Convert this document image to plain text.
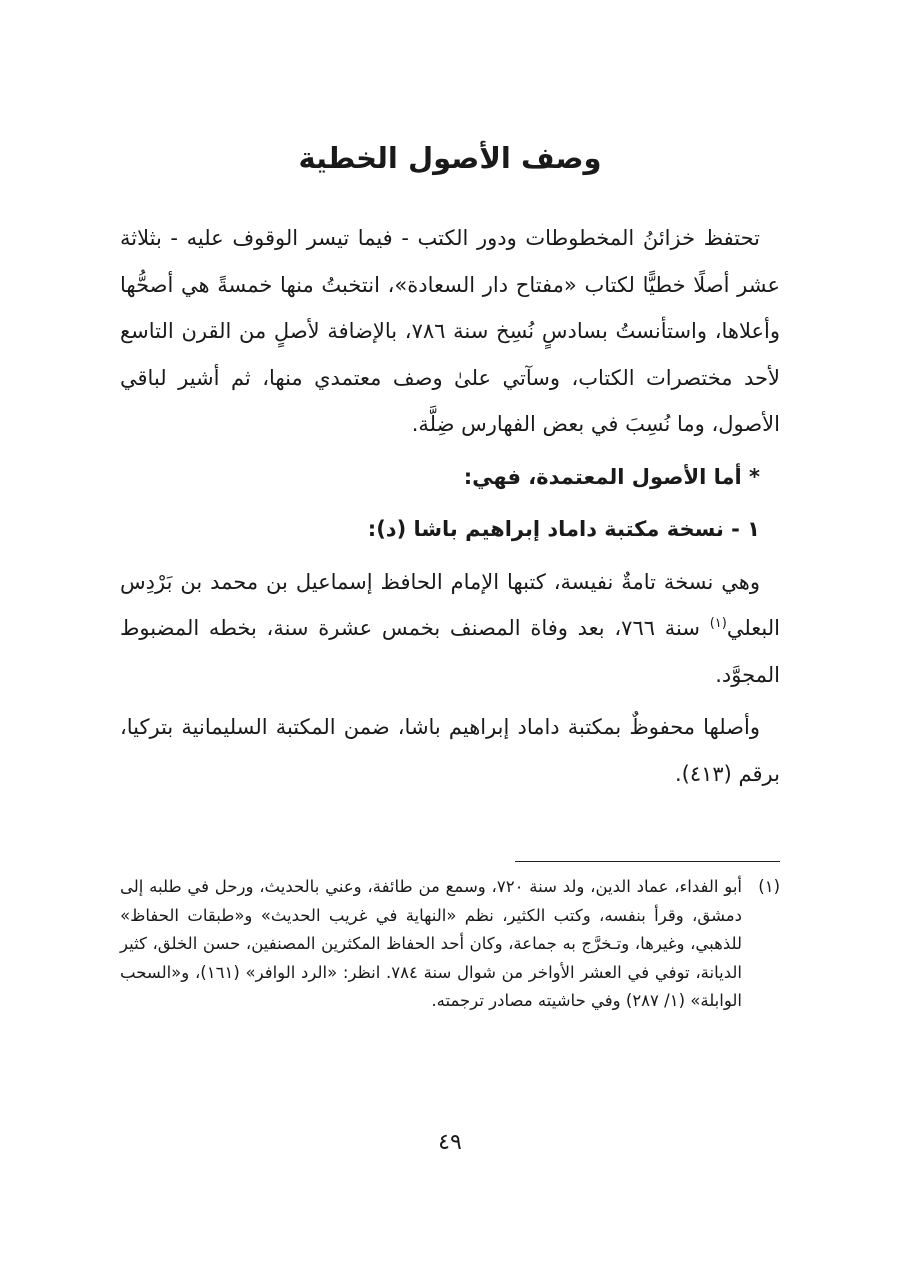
وصف الأصول الخطية

تحتفظ خزائنُ المخطوطات ودور الكتب - فيما تيسر الوقوف عليه - بثلاثة عشر أصلًا خطيًّا لكتاب «مفتاح دار السعادة»، انتخبتُ منها خمسةً هي أصحُّها وأعلاها، واستأنستُ بسادسٍ نُسِخ سنة ٧٨٦، بالإضافة لأصلٍ من القرن التاسع لأحد مختصرات الكتاب، وسآتي علىٰ وصف معتمدي منها، ثم أشير لباقي الأصول، وما نُسِبَ في بعض الفهارس ضِلَّة.

* أما الأصول المعتمدة، فهي:

١ - نسخة مكتبة داماد إبراهيم باشا (د):

وهي نسخة تامةٌ نفيسة، كتبها الإمام الحافظ إسماعيل بن محمد بن بَرْدِس البعلي$^{(١)}$ سنة ٧٦٦، بعد وفاة المصنف بخمس عشرة سنة، بخطه المضبوط المجوَّد.

وأصلها محفوظٌ بمكتبة داماد إبراهيم باشا، ضمن المكتبة السليمانية بتركيا، برقم (٤١٣).

(١)
أبو الفداء، عماد الدين، ولد سنة ٧٢٠، وسمع من طائفة، وعني بالحديث، ورحل في طلبه إلى دمشق، وقرأ بنفسه، وكتب الكثير، نظم «النهاية في غريب الحديث» و«طبقات الحفاظ» للذهبي، وغيرها، وتـخرَّج به جماعة، وكان أحد الحفاظ المكثرين المصنفين، حسن الخلق، كثير الديانة، توفي في العشر الأواخر من شوال سنة ٧٨٤. انظر: «الرد الوافر» (١٦١)، و«السحب الوابلة» (١/ ٢٨٧) وفي حاشيته مصادر ترجمته.
٤٩
